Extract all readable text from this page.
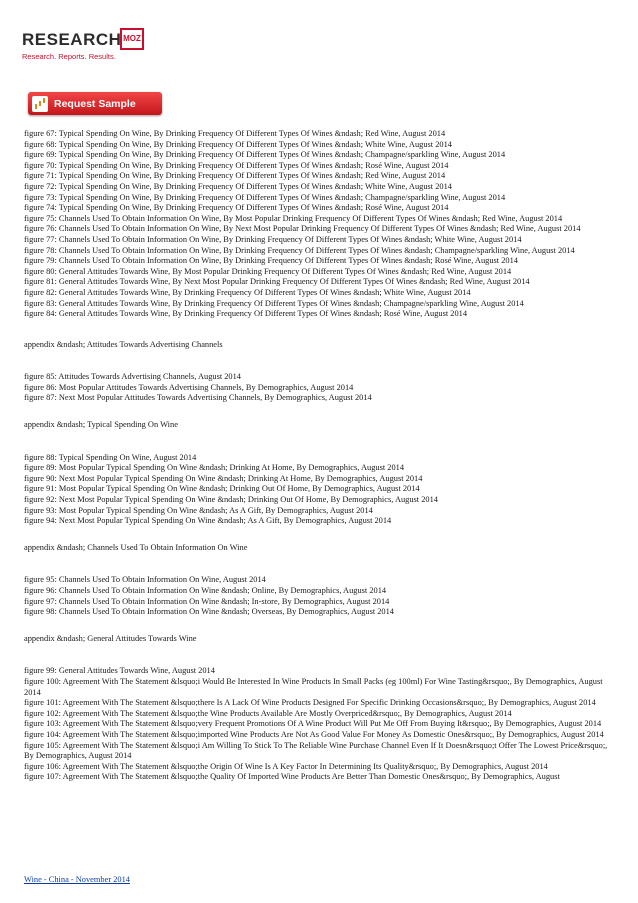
RESEARCH MOZ
Research. Reports. Results.
Request Sample
figure 67: Typical Spending On Wine, By Drinking Frequency Of Different Types Of Wines &ndash; Red Wine, August 2014
figure 68: Typical Spending On Wine, By Drinking Frequency Of Different Types Of Wines &ndash; White Wine, August 2014
figure 69: Typical Spending On Wine, By Drinking Frequency Of Different Types Of Wines &ndash; Champagne/sparkling Wine, August 2014
figure 70: Typical Spending On Wine, By Drinking Frequency Of Different Types Of Wines &ndash; Rosé Wine, August 2014
figure 71: Typical Spending On Wine, By Drinking Frequency Of Different Types Of Wines &ndash; Red Wine, August 2014
figure 72: Typical Spending On Wine, By Drinking Frequency Of Different Types Of Wines &ndash; White Wine, August 2014
figure 73: Typical Spending On Wine, By Drinking Frequency Of Different Types Of Wines &ndash; Champagne/sparkling Wine, August 2014
figure 74: Typical Spending On Wine, By Drinking Frequency Of Different Types Of Wines &ndash; Rosé Wine, August 2014
figure 75: Channels Used To Obtain Information On Wine, By Most Popular Drinking Frequency Of Different Types Of Wines &ndash; Red Wine, August 2014
figure 76: Channels Used To Obtain Information On Wine, By Next Most Popular Drinking Frequency Of Different Types Of Wines &ndash; Red Wine, August 2014
figure 77: Channels Used To Obtain Information On Wine, By Drinking Frequency Of Different Types Of Wines &ndash; White Wine, August 2014
figure 78: Channels Used To Obtain Information On Wine, By Drinking Frequency Of Different Types Of Wines &ndash; Champagne/sparkling Wine, August 2014
figure 79: Channels Used To Obtain Information On Wine, By Drinking Frequency Of Different Types Of Wines &ndash; Rosé Wine, August 2014
figure 80: General Attitudes Towards Wine, By Most Popular Drinking Frequency Of Different Types Of Wines &ndash; Red Wine, August 2014
figure 81: General Attitudes Towards Wine, By Next Most Popular Drinking Frequency Of Different Types Of Wines &ndash; Red Wine, August 2014
figure 82: General Attitudes Towards Wine, By Drinking Frequency Of Different Types Of Wines &ndash; White Wine, August 2014
figure 83: General Attitudes Towards Wine, By Drinking Frequency Of Different Types Of Wines &ndash; Champagne/sparkling Wine, August 2014
figure 84: General Attitudes Towards Wine, By Drinking Frequency Of Different Types Of Wines &ndash; Rosé Wine, August 2014
appendix &ndash; Attitudes Towards Advertising Channels
figure 85: Attitudes Towards Advertising Channels, August 2014
figure 86: Most Popular Attitudes Towards Advertising Channels, By Demographics, August 2014
figure 87: Next Most Popular Attitudes Towards Advertising Channels, By Demographics, August 2014
appendix &ndash; Typical Spending On Wine
figure 88: Typical Spending On Wine, August 2014
figure 89: Most Popular Typical Spending On Wine &ndash; Drinking At Home, By Demographics, August 2014
figure 90: Next Most Popular Typical Spending On Wine &ndash; Drinking At Home, By Demographics, August 2014
figure 91: Most Popular Typical Spending On Wine &ndash; Drinking Out Of Home, By Demographics, August 2014
figure 92: Next Most Popular Typical Spending On Wine &ndash; Drinking Out Of Home, By Demographics, August 2014
figure 93: Most Popular Typical Spending On Wine &ndash; As A Gift, By Demographics, August 2014
figure 94: Next Most Popular Typical Spending On Wine &ndash; As A Gift, By Demographics, August 2014
appendix &ndash; Channels Used To Obtain Information On Wine
figure 95: Channels Used To Obtain Information On Wine, August 2014
figure 96: Channels Used To Obtain Information On Wine &ndash; Online, By Demographics, August 2014
figure 97: Channels Used To Obtain Information On Wine &ndash; In-store, By Demographics, August 2014
figure 98: Channels Used To Obtain Information On Wine &ndash; Overseas, By Demographics, August 2014
appendix &ndash; General Attitudes Towards Wine
figure 99: General Attitudes Towards Wine, August 2014
figure 100: Agreement With The Statement &lsquo;i Would Be Interested In Wine Products In Small Packs (eg 100ml) For Wine Tasting&rsquo;, By Demographics, August 2014
figure 101: Agreement With The Statement &lsquo;there Is A Lack Of Wine Products Designed For Specific Drinking Occasions&rsquo;, By Demographics, August 2014
figure 102: Agreement With The Statement &lsquo;the Wine Products Available Are Mostly Overpriced&rsquo;, By Demographics, August 2014
figure 103: Agreement With The Statement &lsquo;very Frequent Promotions Of A Wine Product Will Put Me Off From Buying It&rsquo;, By Demographics, August 2014
figure 104: Agreement With The Statement &lsquo;imported Wine Products Are Not As Good Value For Money As Domestic Ones&rsquo;, By Demographics, August 2014
figure 105: Agreement With The Statement &lsquo;i Am Willing To Stick To The Reliable Wine Purchase Channel Even If It Doesn&rsquo;t Offer The Lowest Price&rsquo;, By Demographics, August 2014
figure 106: Agreement With The Statement &lsquo;the Origin Of Wine Is A Key Factor In Determining Its Quality&rsquo;, By Demographics, August 2014
figure 107: Agreement With The Statement &lsquo;the Quality Of Imported Wine Products Are Better Than Domestic Ones&rsquo;, By Demographics, August
Wine - China - November 2014
